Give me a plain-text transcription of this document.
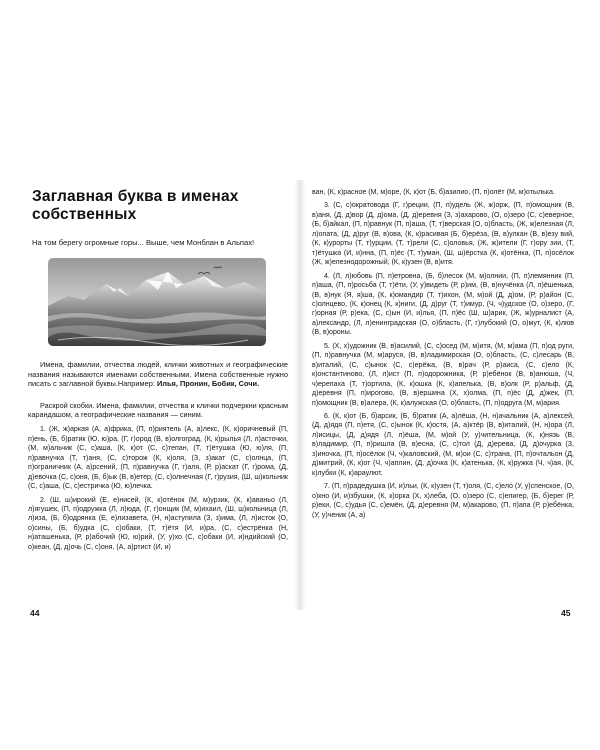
Заглавная буква в именах собственных

На том берегу огромные горы... Выше, чем Монблан в Альпах!

Имена, фамилии, отчества людей, клички животных и географические названия называются именами собственными. Имена собственные нужно писать с заглавной буквы.Например: Илья, Пронин, Бобик, Сочи.

Раскрой скобки. Имена, фамилии, отчества и клички подчеркни красным карандашом, а географические названия — синим.

1. (Ж, ж)аркая (А, а)фрика, (П, п)риятель (А, а)лекс, (К, к)оричневый (П, п)ень, (Б, б)ратик (Ю, ю)ра, (Г, г)ород (В, в)олгоград, (К, к)рылья (Л, л)асточки, (М, м)альчик (С, с)аша, (К, к)от (С, с)тепан, (Т, т)ётушка (Ю, ю)ля, (П, п)равнучка (Т, т)аня, (С, с)торож (К, к)оля, (З, з)акат (С, с)олнца, (П, п)ограничник (А, а)рсений, (П, п)равнучка (Г, г)аля, (Р, р)аскат (Г, г)рома, (Д, д)евочка (С, с)оня, (Б, б)ык (В, в)етер, (С, с)олнечная (Г, г)рузия, (Ш, ш)кольник (С, с)аша, (С, с)естричка (Ю, ю)лечка.

2. (Ш, ш)ирокий (Е, е)нисей, (К, к)отёнок (М, м)урзик, (К, к)аваньо (Л, л)ягушек, (П, п)одружка (Л, л)юда, (Г, г)онщик (М, м)ихаил, (Ш, ш)кольница (Л, л)иза, (Б, б)одрянка (Е, е)лизавета, (Н, н)аступила (З, з)има, (Л, л)исток (О, о)сины, (Б, б)удка (С, с)обаки, (Т, т)ётя (И, и)ра, (С, с)естрёнка (Н, н)аташенька, (Р, р)абочий (Ю, ю)рий, (У, у)хо (С, с)обаки (И, и)ндийский (О, о)кеан, (Д, д)очь (С, с)оня, (А, а)ртист (И, и)

ван, (К, к)расное (М, м)оре, (К, к)от (Б, б)азилио, (П, п)олёт (М, м)отылька.

3. (С, с)ократовода (Г, г)реции, (П, п)удель (Ж, ж)орж, (П, п)омощник (В, в)аня, (Д, д)вор (Д, д)ома, (Д, д)еревня (З, з)ахарово, (О, о)зеро (С, с)еверное, (Б, б)айкал, (П, п)равнук (П, п)аша, (Т, т)верская (О, о)бласть, (Ж, ж)елезная (Л, л)опата, (Д, д)руг (В, в)ова, (К, к)расивая (Б, б)ерёза, (В, в)улкан (В, в)езу вий, (К, к)урорты (Т, т)урции, (Т, т)рели (С, с)оловья, (Ж, ж)ители (Г, г)ору зии, (Т, т)ётушка (И, и)нна, (П, п)ёс (Т, т)уман, (Ш, ш)ёрстка (К, к)отёнка, (П, п)осёлок (Ж, ж)елезнодорожный, (К, к)узен (В, в)итя.

4. (Л, л)юбовь (П, п)етровна, (Б, б)лесок (М, м)олнии, (П, п)лемянник (П, п)аша, (П, п)росьба (Т, т)ёти, (У, у)видеть (Р, р)им, (В, в)нучёнка (Л, л)ёшенька, (В, в)нук (Я, я)ша, (К, к)омандир (Т, т)ихон, (М, м)ой (Д, д)ом, (Р, р)айон (С, с)олнцево, (К, к)онец (К, к)ниги, (Д, д)руг (Т, т)имур, (Ч, ч)удское (О, о)зеро, (Г, г)орная (Р, р)ека, (С, с)ын (И, и)лья, (П, п)ёс (Ш, ш)арик, (Ж, ж)урналист (А, а)лександр, (Л, л)енинградская (О, о)бласть, (Г, г)лубокий (О, о)мут, (К, к)люв (В, в)ороны.

5. (Х, х)удожник (В, в)асилий, (С, с)осед (М, м)итя, (М, м)ама (П, п)од руги, (П, п)равнучка (М, м)аруся, (В, в)ладимирская (О, о)бласть, (С, с)лесарь (В, в)италий, (С, с)ынок (С, с)ерёжа, (В, в)рач (Р, р)аиса, (С, с)ело (К, к)онстантиново, (Л, л)ист (П, п)одорожника, (Р, р)ебёнок (В, в)анюша, (Ч, ч)ерепаха (Т, т)ортила, (К, к)ошка (К, к)апелька, (В, в)олк (Р, р)альф, (Д, д)еревня (П, п)ирогово, (В, в)ершина (Х, х)олма, (П, п)ёс (Д, д)жек, (П, п)омощник (В, в)алера, (К, к)алужская (О, о)бласть, (П, п)одруга (М, м)ария.

6. (К, к)от (Б, б)арсик, (Б, б)ратик (А, а)лёша, (Н, н)ачальник (А, а)лексей, (Д, д)ядя (П, п)етя, (С, с)ынок (К, к)остя, (А, а)ктёр (В, в)италий, (Н, н)ора (Л, л)исицы, (Д, д)ядя (Л, л)ёша, (М, м)ой (У, у)чительница, (К, к)нязь (В, в)ладимир, (П, п)ришла (В, в)есна, (С, с)тол (Д, д)ерева, (Д, д)очурка (З, з)иночка, (П, п)осёлок (Ч, ч)каловский, (М, м)ои (С, с)трана, (П, п)очтальон (Д, д)митрий, (К, к)от (Ч, ч)аплин, (Д, д)очка (К, к)атенька, (К, к)ружка (Ч, ч)ая, (К, к)лубки (К, к)араулют.

7. (П, п)радедушка (И, и)льи, (К, к)узен (Т, т)оля, (С, с)ело (У, у)спенское, (О, о)кно (И, и)збушки, (К, к)орка (Х, х)леба, (О, о)зеро (С, с)елигер, (Б, б)ерег (Р, р)еки, (С, с)удья (С, с)емён, (Д, д)еревня (М, м)акарово, (П, п)апа (Р, р)ебёнка, (У, у)ченик (А, а)

44	45
